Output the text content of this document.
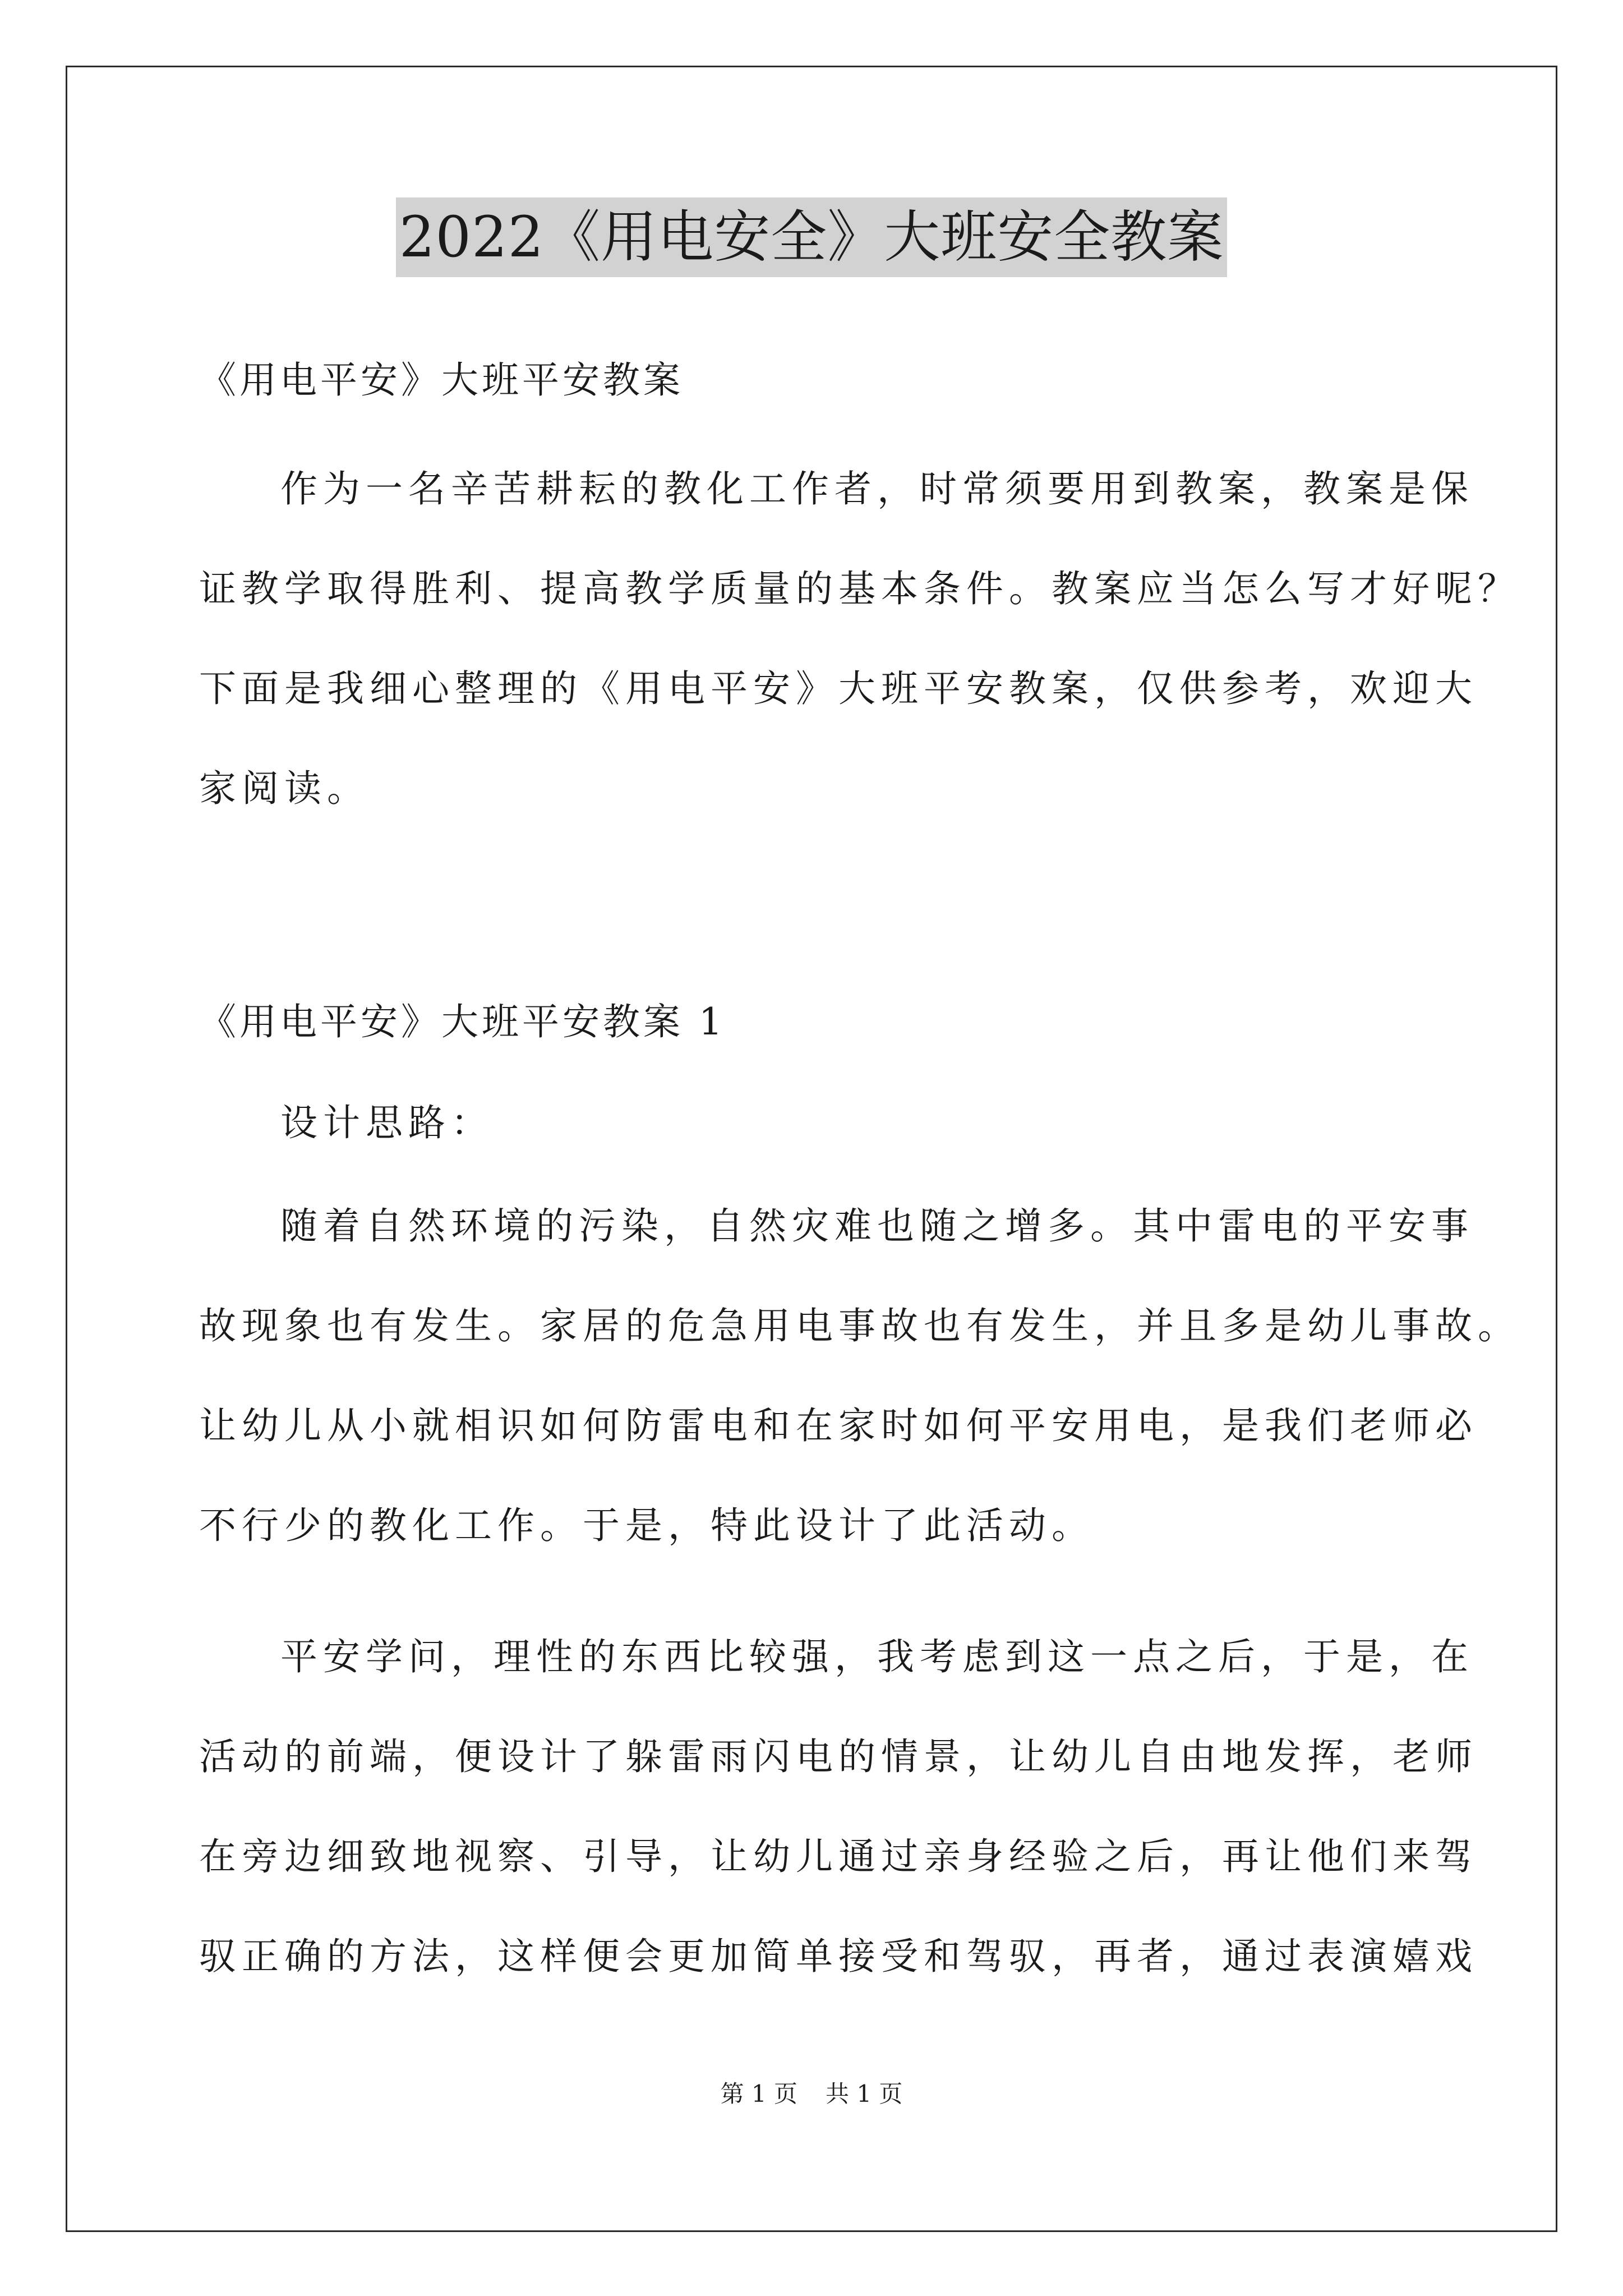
2022《用电安全》大班安全教案
《用电平安》大班平安教案
作为一名辛苦耕耘的教化工作者，时常须要用到教案，教案是保
证教学取得胜利、提高教学质量的基本条件。教案应当怎么写才好呢？
下面是我细心整理的《用电平安》大班平安教案，仅供参考，欢迎大
家阅读。
《用电平安》大班平安教案 1
设计思路：
随着自然环境的污染，自然灾难也随之增多。其中雷电的平安事
故现象也有发生。家居的危急用电事故也有发生，并且多是幼儿事故。
让幼儿从小就相识如何防雷电和在家时如何平安用电，是我们老师必
不行少的教化工作。于是，特此设计了此活动。
平安学问，理性的东西比较强，我考虑到这一点之后，于是，在
活动的前端，便设计了躲雷雨闪电的情景，让幼儿自由地发挥，老师
在旁边细致地视察、引导，让幼儿通过亲身经验之后，再让他们来驾
驭正确的方法，这样便会更加简单接受和驾驭，再者，通过表演嬉戏
第 1 页 共 1 页
